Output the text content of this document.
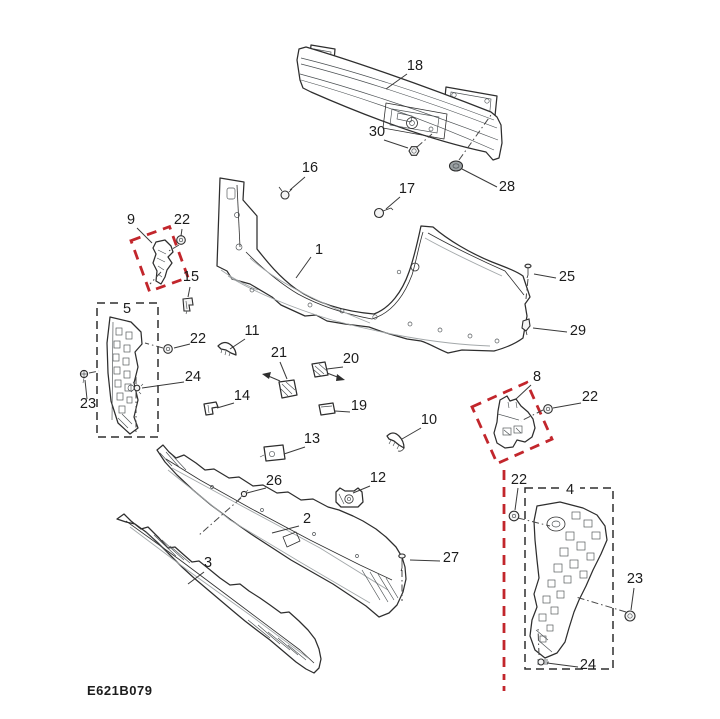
1
2
3
4
5
8
9
10
11
12
13
14
15
16
17
18
19
20
21
22
22
22
22
23
23
24
24
25
26
27
28
29
30
E621B079
